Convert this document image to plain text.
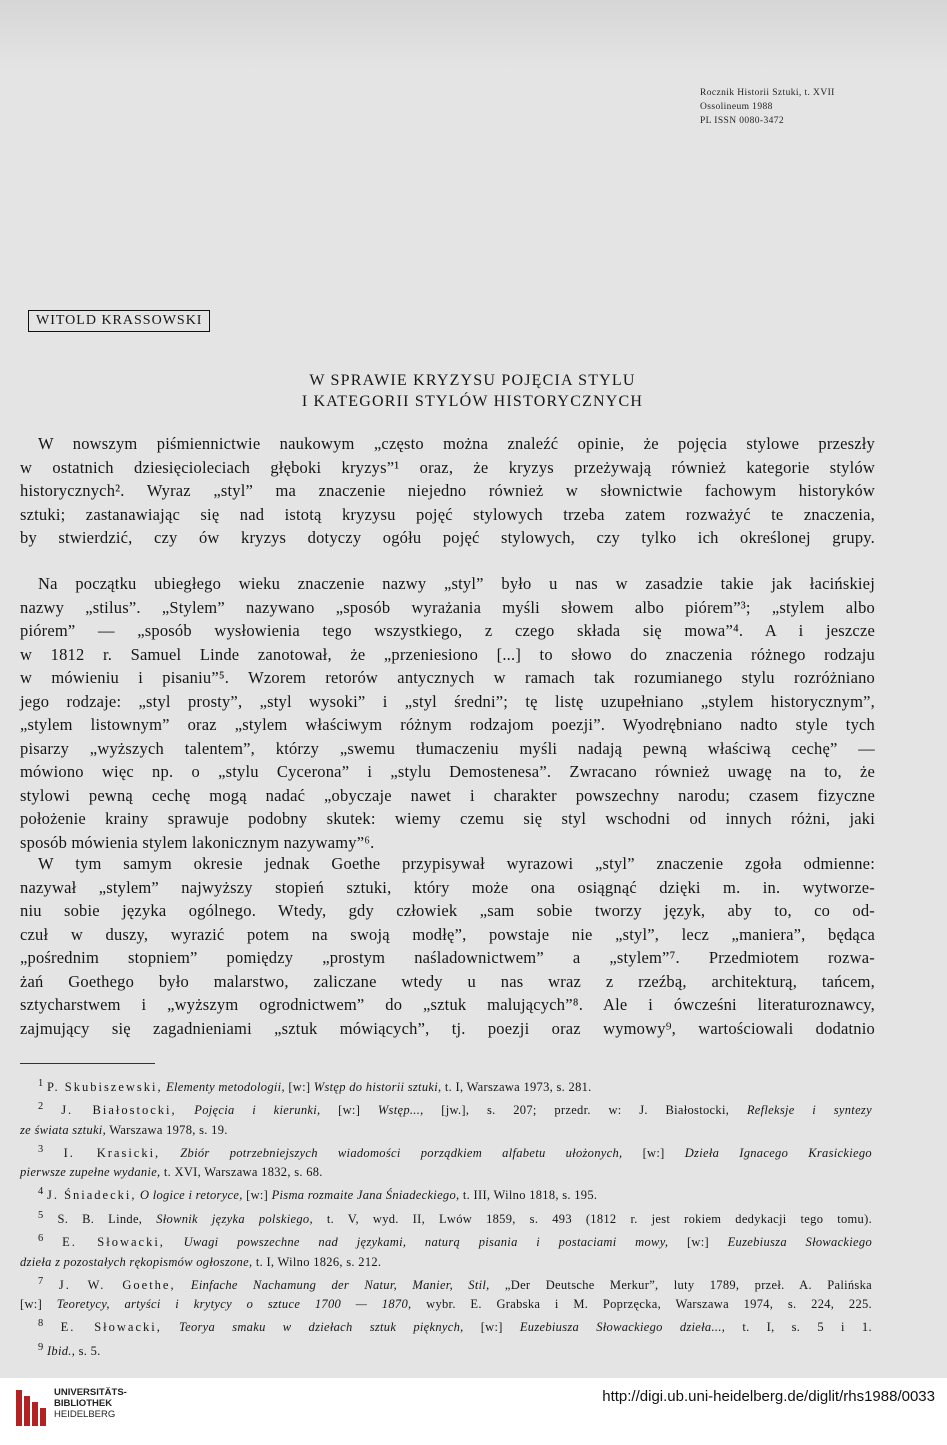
Rocznik Historii Sztuki, t. XVII
Ossolineum 1988
PL ISSN 0080-3472
WITOLD KRASSOWSKI
W SPRAWIE KRYZYSU POJĘCIA STYLU
I KATEGORII STYLÓW HISTORYCZNYCH
W nowszym piśmiennictwie naukowym „często można znaleźć opinie, że pojęcia stylowe przeszły
w ostatnich dziesięcioleciach głęboki kryzys”¹ oraz, że kryzys przeżywają również kategorie stylów
historycznych². Wyraz „styl” ma znaczenie niejedno również w słownictwie fachowym historyków
sztuki; zastanawiając się nad istotą kryzysu pojęć stylowych trzeba zatem rozważyć te znaczenia,
by stwierdzić, czy ów kryzys dotyczy ogółu pojęć stylowych, czy tylko ich określonej grupy.
Na początku ubiegłego wieku znaczenie nazwy „styl” było u nas w zasadzie takie jak łacińskiej
nazwy „stilus”. „Stylem” nazywano „sposób wyrażania myśli słowem albo piórem”³; „stylem albo
piórem” — „sposób wysłowienia tego wszystkiego, z czego składa się mowa”⁴. A i jeszcze
w 1812 r. Samuel Linde zanotował, że „przeniesiono [...] to słowo do znaczenia różnego rodzaju
w mówieniu i pisaniu”⁵. Wzorem retorów antycznych w ramach tak rozumianego stylu rozróżniano
jego rodzaje: „styl prosty”, „styl wysoki” i „styl średni”; tę listę uzupełniano „stylem historycznym”,
„stylem listownym” oraz „stylem właściwym różnym rodzajom poezji”. Wyodrębniano nadto style tych
pisarzy „wyższych talentem”, którzy „swemu tłumaczeniu myśli nadają pewną właściwą cechę” —
mówiono więc np. o „stylu Cycerona” i „stylu Demostenesa”. Zwracano również uwagę na to, że
stylowi pewną cechę mogą nadać „obyczaje nawet i charakter powszechny narodu; czasem fizyczne
położenie krainy sprawuje podobny skutek: wiemy czemu się styl wschodni od innych różni, jaki
sposób mówienia stylem lakonicznym nazywamy”⁶.
W tym samym okresie jednak Goethe przypisywał wyrazowi „styl” znaczenie zgoła odmienne:
nazywał „stylem” najwyższy stopień sztuki, który może ona osiągnąć dzięki m. in. wytworze-
niu sobie języka ogólnego. Wtedy, gdy człowiek „sam sobie tworzy język, aby to, co od-
czuł w duszy, wyrazić potem na swoją modłę”, powstaje nie „styl”, lecz „maniera”, będąca
„pośrednim stopniem” pomiędzy „prostym naśladownictwem” a „stylem”⁷. Przedmiotem rozwa-
żań Goethego było malarstwo, zaliczane wtedy u nas wraz z rzeźbą, architekturą, tańcem,
sztycharstwem i „wyższym ogrodnictwem” do „sztuk malujących”⁸. Ale i ówcześni literaturoznawcy,
zajmujący się zagadnieniami „sztuk mówiących”, tj. poezji oraz wymowy⁹, wartościowali dodatnio
$^1$ P. Skubiszewski, Elementy metodologii, [w:] Wstęp do historii sztuki, t. I, Warszawa 1973, s. 281.
$^2$ J. Białostocki, Pojęcia i kierunki, [w:] Wstęp..., [jw.], s. 207; przedr. w: J. Białostocki, Refleksje i syntezy
ze świata sztuki, Warszawa 1978, s. 19.
$^3$ I. Krasicki, Zbiór potrzebniejszych wiadomości porządkiem alfabetu ułożonych, [w:] Dzieła Ignacego Krasickiego
pierwsze zupełne wydanie, t. XVI, Warszawa 1832, s. 68.
$^4$ J. Śniadecki, O logice i retoryce, [w:] Pisma rozmaite Jana Śniadeckiego, t. III, Wilno 1818, s. 195.
$^5$ S. B. Linde, Słownik języka polskiego, t. V, wyd. II, Lwów 1859, s. 493 (1812 r. jest rokiem dedykacji tego tomu).
$^6$ E. Słowacki, Uwagi powszechne nad językami, naturą pisania i postaciami mowy, [w:] Euzebiusza Słowackiego
dzieła z pozostałych rękopismów ogłoszone, t. I, Wilno 1826, s. 212.
$^7$ J. W. Goethe, Einfache Nachamung der Natur, Manier, Stil, „Der Deutsche Merkur”, luty 1789, przeł. A. Palińska
[w:] Teoretycy, artyści i krytycy o sztuce 1700 — 1870, wybr. E. Grabska i M. Poprzęcka, Warszawa 1974, s. 224, 225.
$^8$ E. Słowacki, Teorya smaku w dziełach sztuk pięknych, [w:] Euzebiusza Słowackiego dzieła..., t. I, s. 5 i 1.
$^9$ Ibid., s. 5.
UNIVERSITÄTS-
BIBLIOTHEK
HEIDELBERG
http://digi.ub.uni-heidelberg.de/diglit/rhs1988/0033
